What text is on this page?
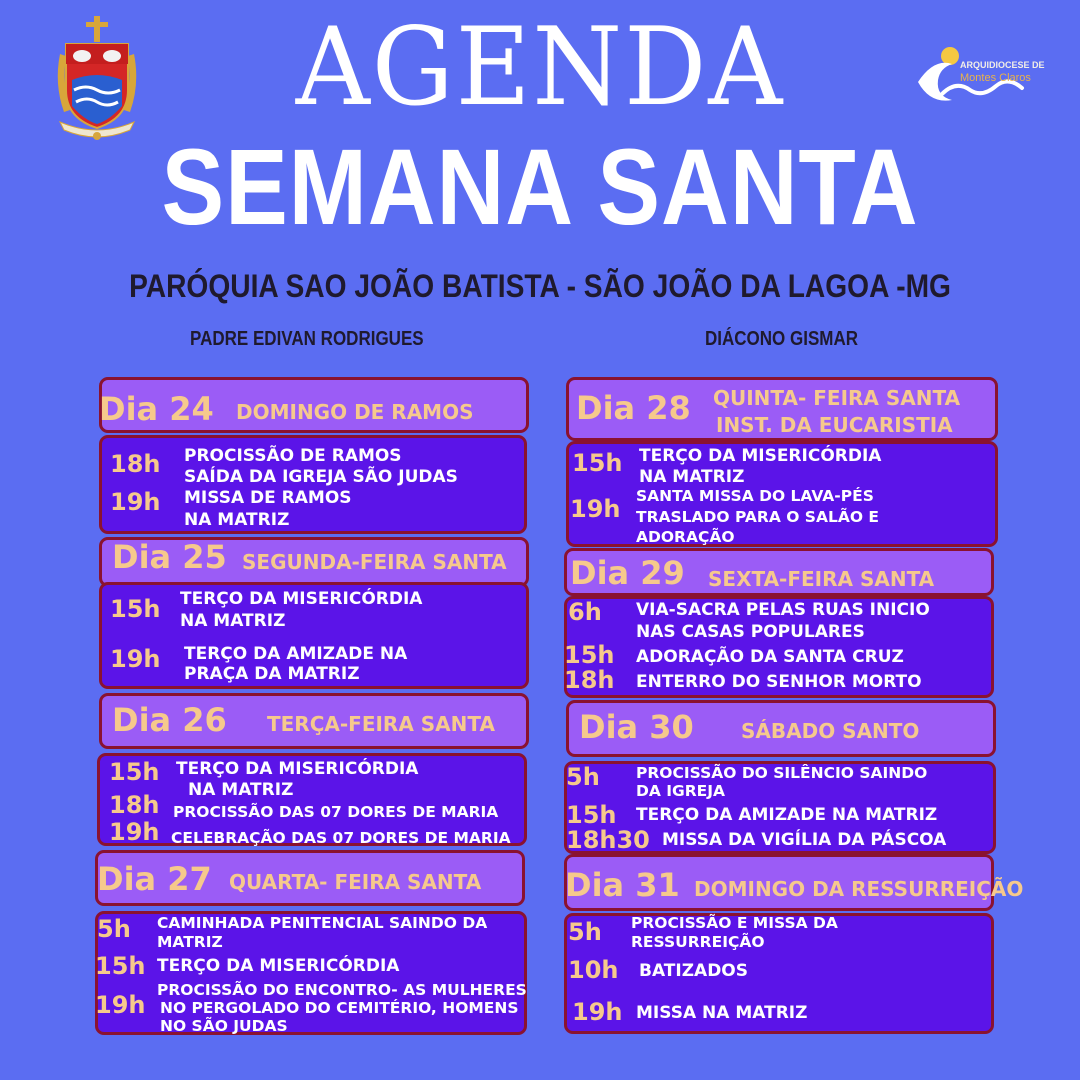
ARQUIDIOCESE DE
Montes Claros
AGENDA
SEMANA SANTA
PARÓQUIA SAO JOÃO BATISTA - SÃO JOÃO DA LAGOA -MG
PADRE EDIVAN RODRIGUES	DIÁCONO GISMAR
Dia 24 DOMINGO DE RAMOS
18h PROCISSÃO DE RAMOS
SAÍDA DA IGREJA SÃO JUDAS
19h MISSA DE RAMOS
NA MATRIZ
Dia 25 SEGUNDA-FEIRA SANTA
15h TERÇO DA MISERICÓRDIA
NA MATRIZ
19h TERÇO DA AMIZADE NA
PRAÇA DA MATRIZ
Dia 26 TERÇA-FEIRA SANTA
15h TERÇO DA MISERICÓRDIA
NA MATRIZ
18h PROCISSÃO DAS 07 DORES DE MARIA
19h CELEBRAÇÃO DAS 07 DORES DE MARIA
Dia 27 QUARTA- FEIRA SANTA
5h CAMINHADA PENITENCIAL SAINDO DA
MATRIZ
15h TERÇO DA MISERICÓRDIA
19h
PROCISSÃO DO ENCONTRO- AS MULHERES
NO PERGOLADO DO CEMITÉRIO, HOMENS
NO SÃO JUDAS
Dia 28 QUINTA- FEIRA SANTA
INST. DA EUCARISTIA
15h TERÇO DA MISERICÓRDIA
NA MATRIZ
19h SANTA MISSA DO LAVA-PÉS
TRASLADO PARA O SALÃO E
ADORAÇÃO
Dia 29 SEXTA-FEIRA SANTA
6h VIA-SACRA PELAS RUAS INICIO
NAS CASAS POPULARES
15h ADORAÇÃO DA SANTA CRUZ
18h ENTERRO DO SENHOR MORTO
Dia 30 SÁBADO SANTO
5h PROCISSÃO DO SILÊNCIO SAINDO
DA IGREJA
15h TERÇO DA AMIZADE NA MATRIZ
18h30 MISSA DA VIGÍLIA DA PÁSCOA
Dia 31 DOMINGO DA RESSURREIÇÃO
5h PROCISSÃO E MISSA DA
RESSURREIÇÃO
10h BATIZADOS
19h MISSA NA MATRIZ
